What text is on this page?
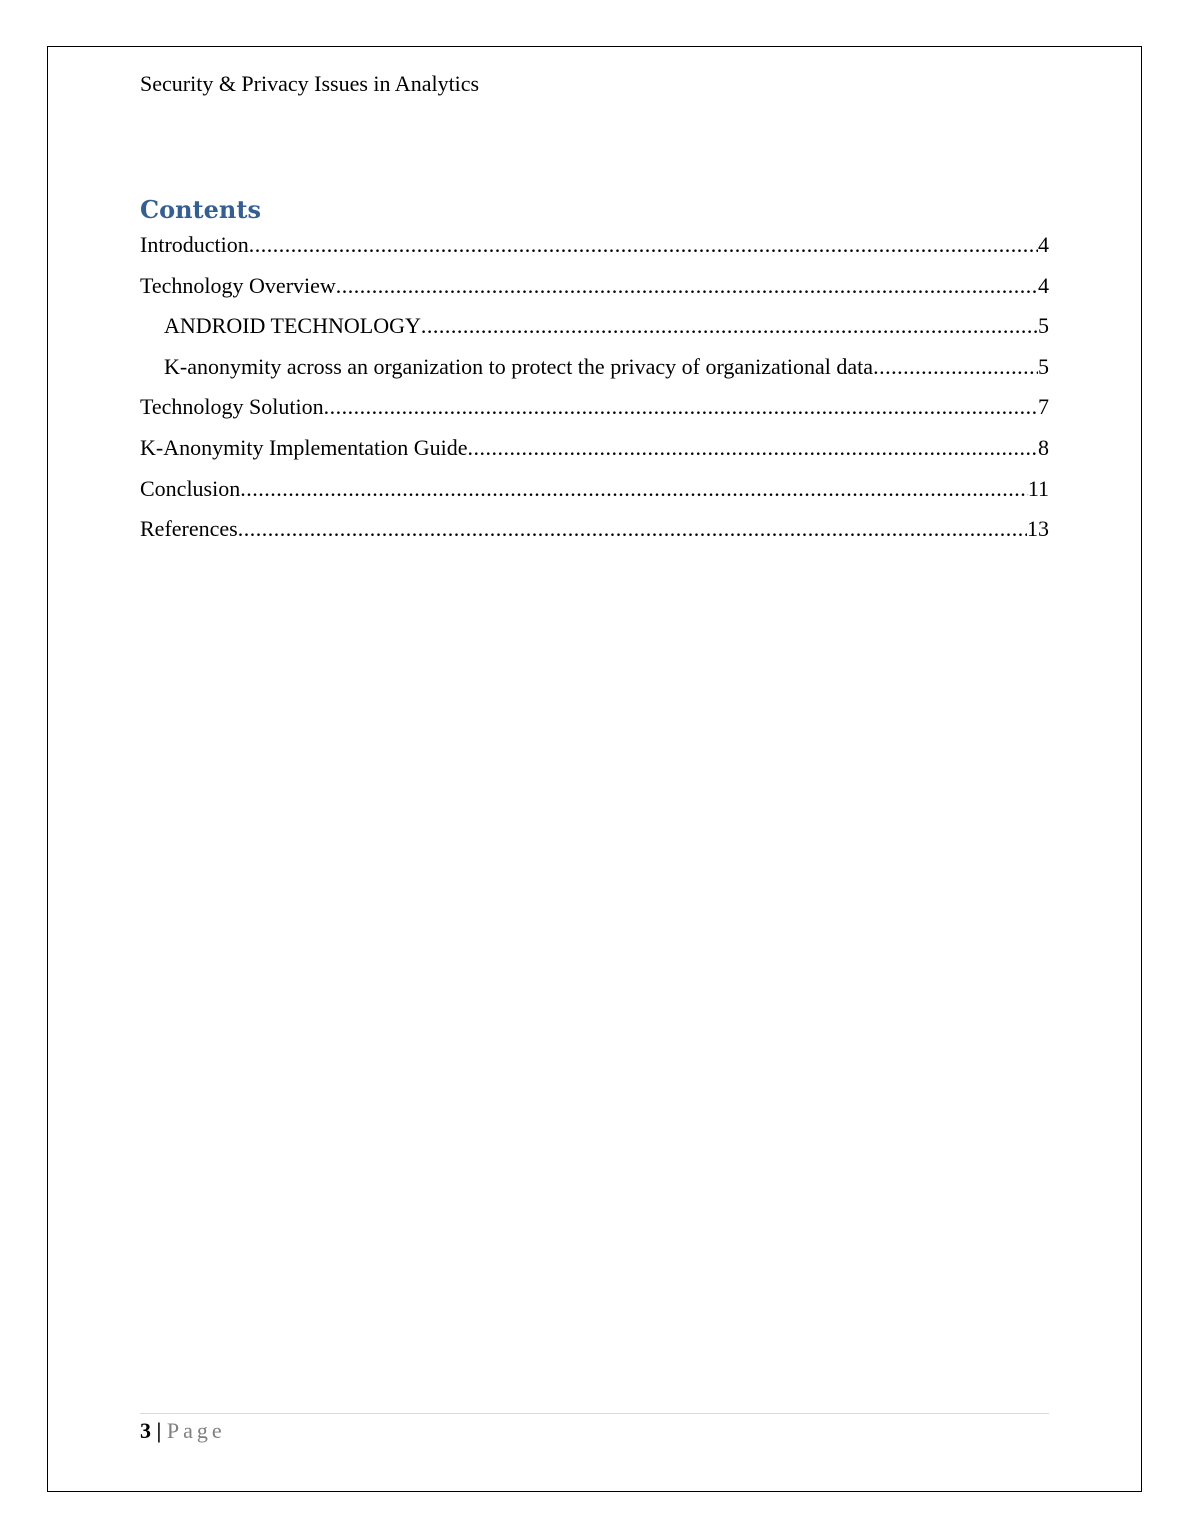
Security & Privacy Issues in Analytics
Contents
Introduction .....	4
Technology Overview .....	4
ANDROID TECHNOLOGY .....	5
K-anonymity across an organization to protect the privacy of organizational data .....	5
Technology Solution .....	7
K-Anonymity Implementation Guide .....	8
Conclusion .....	11
References .....	13
3 | Page
